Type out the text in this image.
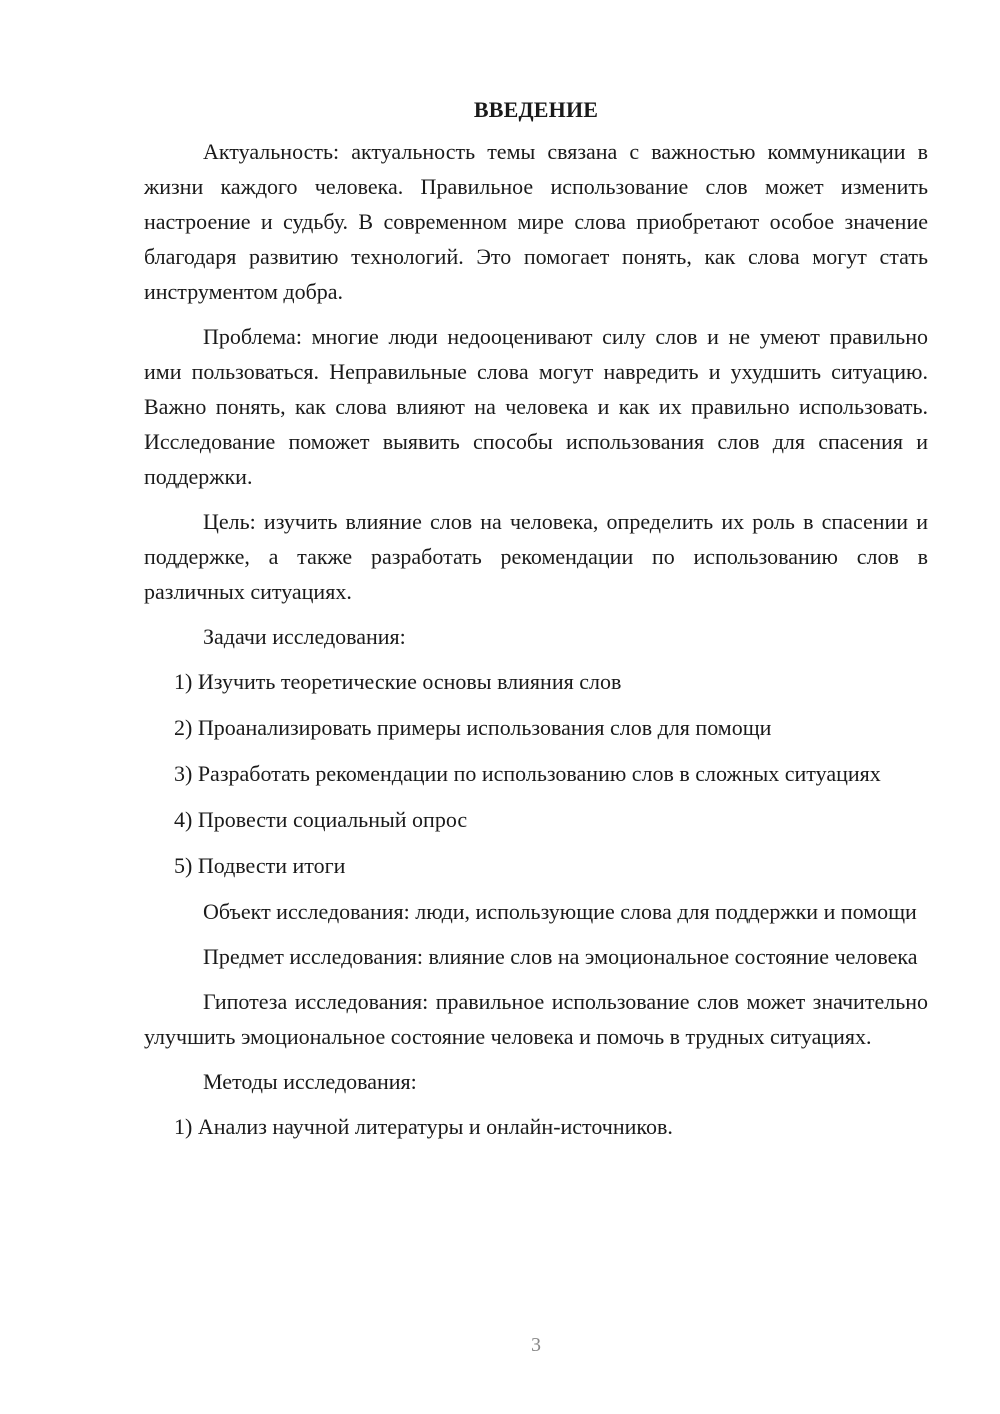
ВВЕДЕНИЕ

Актуальность: актуальность темы связана с важностью коммуникации в жизни каждого человека. Правильное использование слов может изменить настроение и судьбу. В современном мире слова приобретают особое значение благодаря развитию технологий. Это помогает понять, как слова могут стать инструментом добра.

Проблема: многие люди недооценивают силу слов и не умеют правильно ими пользоваться. Неправильные слова могут навредить и ухудшить ситуацию. Важно понять, как слова влияют на человека и как их правильно использовать. Исследование поможет выявить способы использования слов для спасения и поддержки.

Цель: изучить влияние слов на человека, определить их роль в спасении и поддержке, а также разработать рекомендации по использованию слов в различных ситуациях.

Задачи исследования:

1) Изучить теоретические основы влияния слов

2) Проанализировать примеры использования слов для помощи

3) Разработать рекомендации по использованию слов в сложных ситуациях

4) Провести социальный опрос

5) Подвести итоги

Объект исследования: люди, использующие слова для поддержки и помощи

Предмет исследования: влияние слов на эмоциональное состояние человека

Гипотеза исследования: правильное использование слов может значительно улучшить эмоциональное состояние человека и помочь в трудных ситуациях.

Методы исследования:

1) Анализ научной литературы и онлайн-источников.

3
